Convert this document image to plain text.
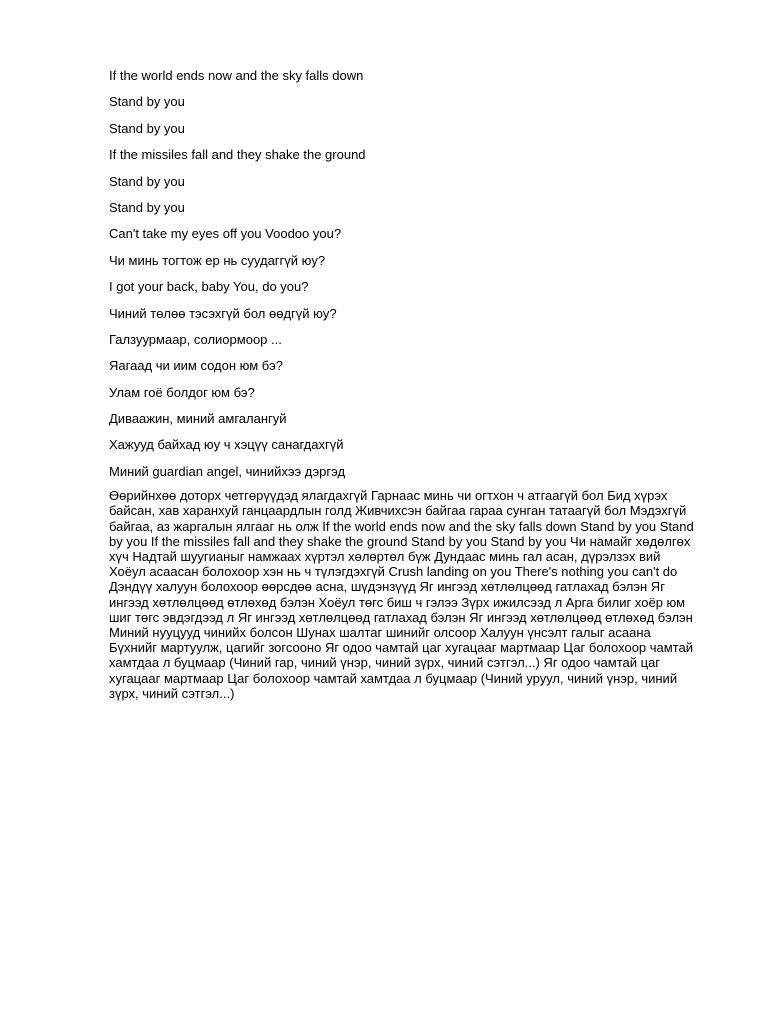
If the world ends now and the sky falls down

Stand by you

Stand by you

If the missiles fall and they shake the ground

Stand by you

Stand by you

Can't take my eyes off you Voodoo you?

Чи минь тогтож ер нь суудаггүй юу?

I got your back, baby You, do you?

Чиний төлөө тэсэхгүй бол өөдгүй юу?

Галзуурмаар, солиормоор ...

Яагаад чи иим содон юм бэ?

Улам гоё болдог юм бэ?

Диваажин, миний амгалангуй

Хажууд байхад юу ч хэцүү санагдахгүй

Миний guardian angel, чинийхээ дэргэд

Өөрийнхөө доторх четгөрүүдэд ялагдахгүй Гарнаас минь чи огтхон ч атгаагүй бол Бид хүрэх байсан, хав харанхуй ганцаардлын голд Живчихсэн байгаа гараа сунган татаагүй бол Мэдэхгүй байгаа, аз жаргалын ялгааг нь олж If the world ends now and the sky falls down Stand by you Stand by you If the missiles fall and they shake the ground Stand by you Stand by you Чи намайг хөдөлгөх хүч Надтай шуугианыг намжаах хүртэл хөлөртөл бүж Дундаас минь гал асан, дүрэлзэх вий Хоёул асаасан болохоор хэн нь ч түлэгдэхгүй Crush landing on you There's nothing you can't do Дэндүү халуун болохоор өөрсдөө асна, шүдэнзүүд Яг ингээд хөтлөлцөөд гатлахад бэлэн Яг ингээд хөтлөлцөөд өтлөхөд бэлэн Хоёул төгс биш ч гэлээ Зүрх ижилсээд л Арга билиг хоёр юм шиг төгс эвдэгдээд л Яг ингээд хөтлөлцөөд гатлахад бэлэн Яг ингээд хөтлөлцөөд өтлөхөд бэлэн Миний нууцууд чинийх болсон Шунах шалтаг шинийг олсоор Халуун үнсэлт галыг асаана Бүхнийг мартуулж, цагийг зогсооно Яг одоо чамтай цаг хугацааг мартмаар Цаг болохоор чамтай хамтдаа л буцмаар (Чиний гар, чиний үнэр, чиний зүрх, чиний сэтгэл...) Яг одоо чамтай цаг хугацааг мартмаар Цаг болохоор чамтай хамтдаа л буцмаар (Чиний уруул, чиний үнэр, чиний зүрх, чиний сэтгэл...)
